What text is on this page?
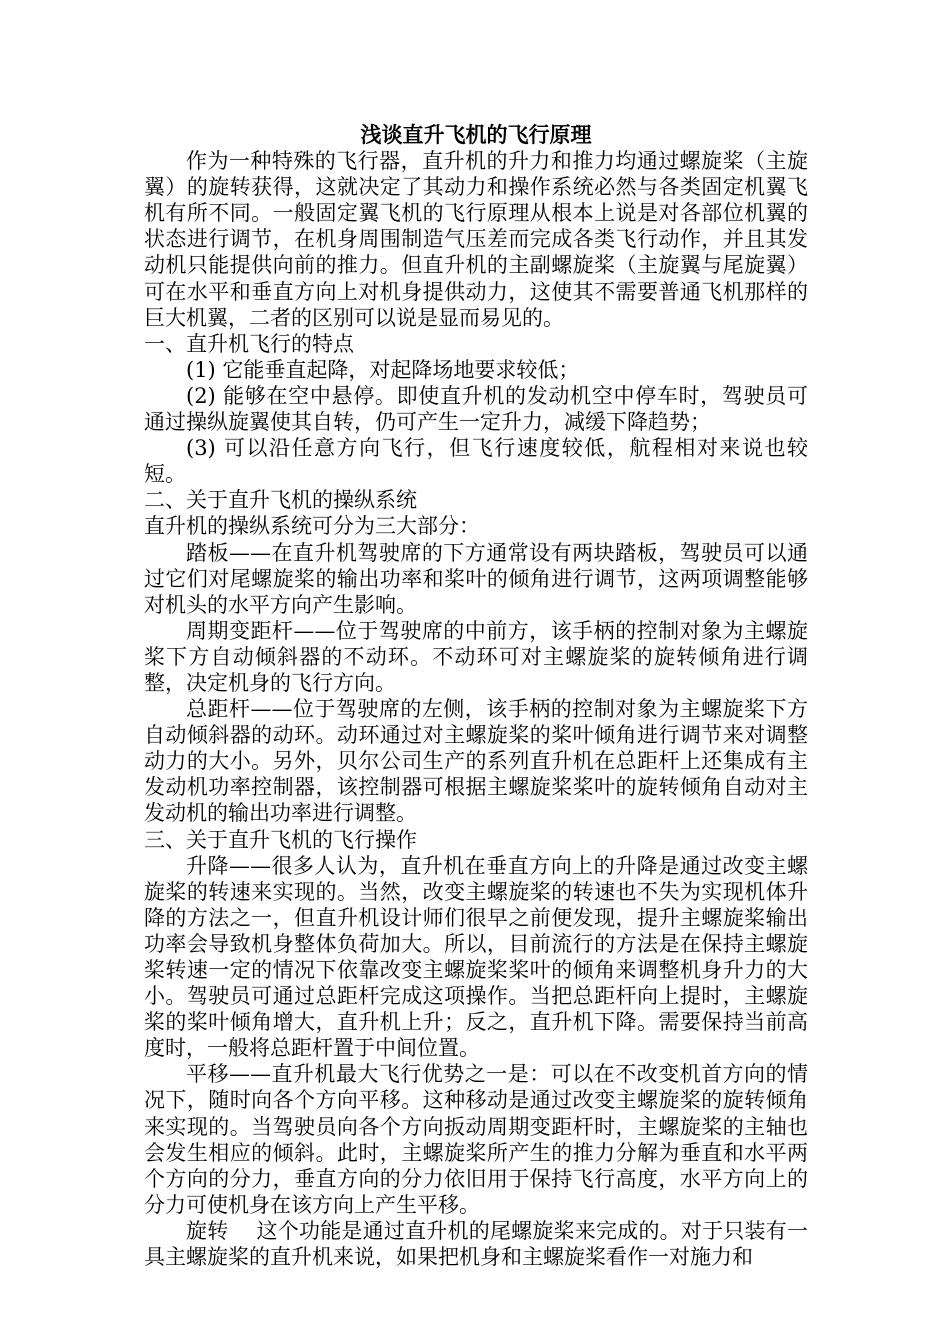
浅谈直升飞机的飞行原理

作为一种特殊的飞行器，直升机的升力和推力均通过螺旋桨（主旋翼）的旋转获得，这就决定了其动力和操作系统必然与各类固定机翼飞机有所不同。一般固定翼飞机的飞行原理从根本上说是对各部位机翼的状态进行调节，在机身周围制造气压差而完成各类飞行动作，并且其发动机只能提供向前的推力。但直升机的主副螺旋桨（主旋翼与尾旋翼）可在水平和垂直方向上对机身提供动力，这使其不需要普通飞机那样的巨大机翼，二者的区别可以说是显而易见的。

一、直升机飞行的特点

(1) 它能垂直起降，对起降场地要求较低；

(2) 能够在空中悬停。即使直升机的发动机空中停车时，驾驶员可通过操纵旋翼使其自转，仍可产生一定升力，减缓下降趋势；

(3) 可以沿任意方向飞行，但飞行速度较低，航程相对来说也较短。

二、关于直升飞机的操纵系统

直升机的操纵系统可分为三大部分：

踏板——在直升机驾驶席的下方通常设有两块踏板，驾驶员可以通过它们对尾螺旋桨的输出功率和桨叶的倾角进行调节，这两项调整能够对机头的水平方向产生影响。

周期变距杆——位于驾驶席的中前方，该手柄的控制对象为主螺旋桨下方自动倾斜器的不动环。不动环可对主螺旋桨的旋转倾角进行调整，决定机身的飞行方向。

总距杆——位于驾驶席的左侧，该手柄的控制对象为主螺旋桨下方自动倾斜器的动环。动环通过对主螺旋桨的桨叶倾角进行调节来对调整动力的大小。另外，贝尔公司生产的系列直升机在总距杆上还集成有主发动机功率控制器，该控制器可根据主螺旋桨桨叶的旋转倾角自动对主发动机的输出功率进行调整。

三、关于直升飞机的飞行操作

升降——很多人认为，直升机在垂直方向上的升降是通过改变主螺旋桨的转速来实现的。当然，改变主螺旋桨的转速也不失为实现机体升降的方法之一，但直升机设计师们很早之前便发现，提升主螺旋桨输出功率会导致机身整体负荷加大。所以，目前流行的方法是在保持主螺旋桨转速一定的情况下依靠改变主螺旋桨桨叶的倾角来调整机身升力的大小。驾驶员可通过总距杆完成这项操作。当把总距杆向上提时，主螺旋桨的桨叶倾角增大，直升机上升；反之，直升机下降。需要保持当前高度时，一般将总距杆置于中间位置。

平移——直升机最大飞行优势之一是：可以在不改变机首方向的情况下，随时向各个方向平移。这种移动是通过改变主螺旋桨的旋转倾角来实现的。当驾驶员向各个方向扳动周期变距杆时，主螺旋桨的主轴也会发生相应的倾斜。此时，主螺旋桨所产生的推力分解为垂直和水平两个方向的分力，垂直方向的分力依旧用于保持飞行高度，水平方向上的分力可使机身在该方向上产生平移。

旋转　 这个功能是通过直升机的尾螺旋桨来完成的。对于只装有一具主螺旋桨的直升机来说，如果把机身和主螺旋桨看作一对施力和
